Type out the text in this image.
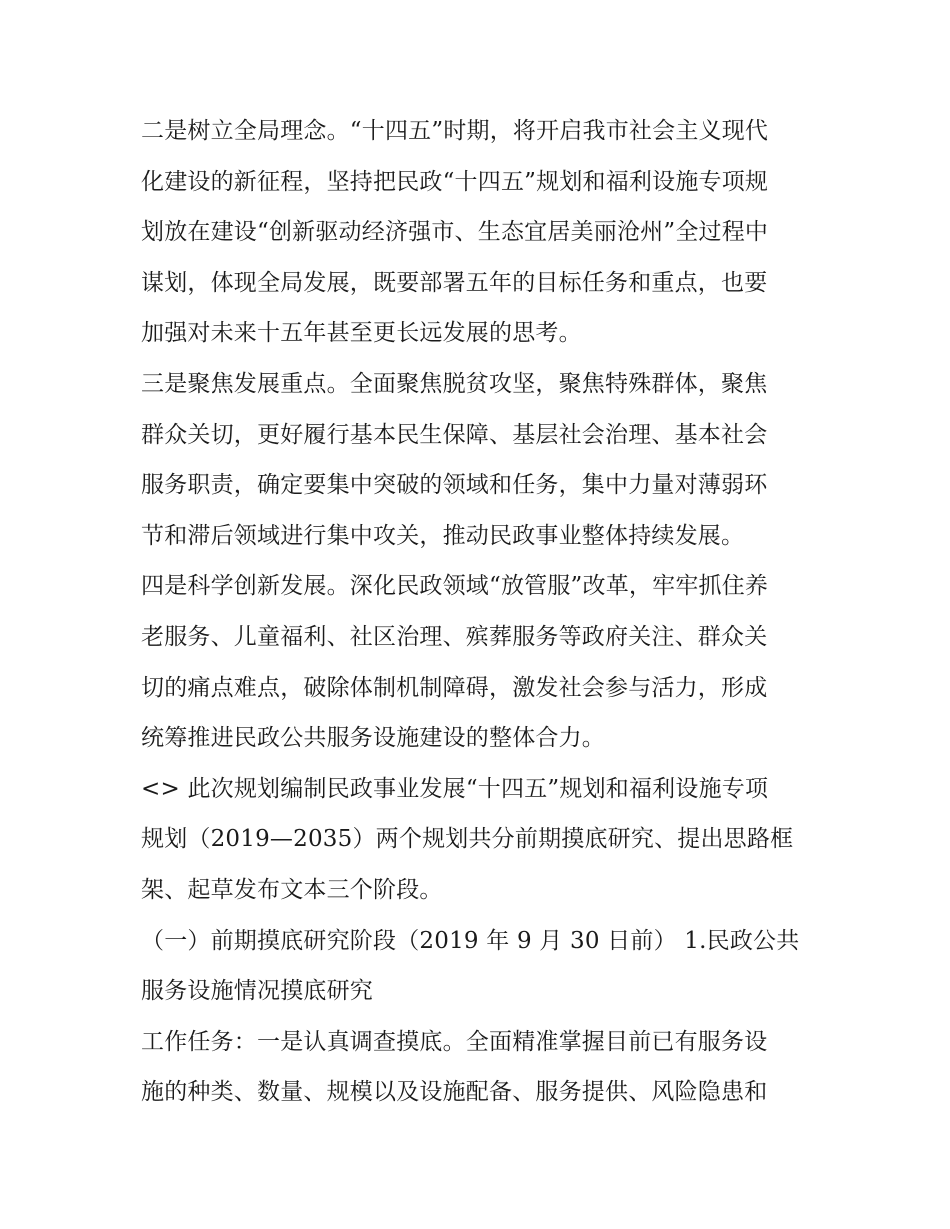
二是树立全局理念。“十四五”时期，将开启我市社会主义现代
化建设的新征程，坚持把民政“十四五”规划和福利设施专项规
划放在建设“创新驱动经济强市、生态宜居美丽沧州”全过程中
谋划，体现全局发展，既要部署五年的目标任务和重点，也要
加强对未来十五年甚至更长远发展的思考。
三是聚焦发展重点。全面聚焦脱贫攻坚，聚焦特殊群体，聚焦
群众关切，更好履行基本民生保障、基层社会治理、基本社会
服务职责，确定要集中突破的领域和任务，集中力量对薄弱环
节和滞后领域进行集中攻关，推动民政事业整体持续发展。
四是科学创新发展。深化民政领域“放管服”改革，牢牢抓住养
老服务、儿童福利、社区治理、殡葬服务等政府关注、群众关
切的痛点难点，破除体制机制障碍，激发社会参与活力，形成
统筹推进民政公共服务设施建设的整体合力。
<> 此次规划编制民政事业发展“十四五”规划和福利设施专项
规划（2019—2035）两个规划共分前期摸底研究、提出思路框
架、起草发布文本三个阶段。
（一）前期摸底研究阶段（2019 年 9 月 30 日前） 1.民政公共
服务设施情况摸底研究
工作任务：一是认真调查摸底。全面精准掌握目前已有服务设
施的种类、数量、规模以及设施配备、服务提供、风险隐患和
